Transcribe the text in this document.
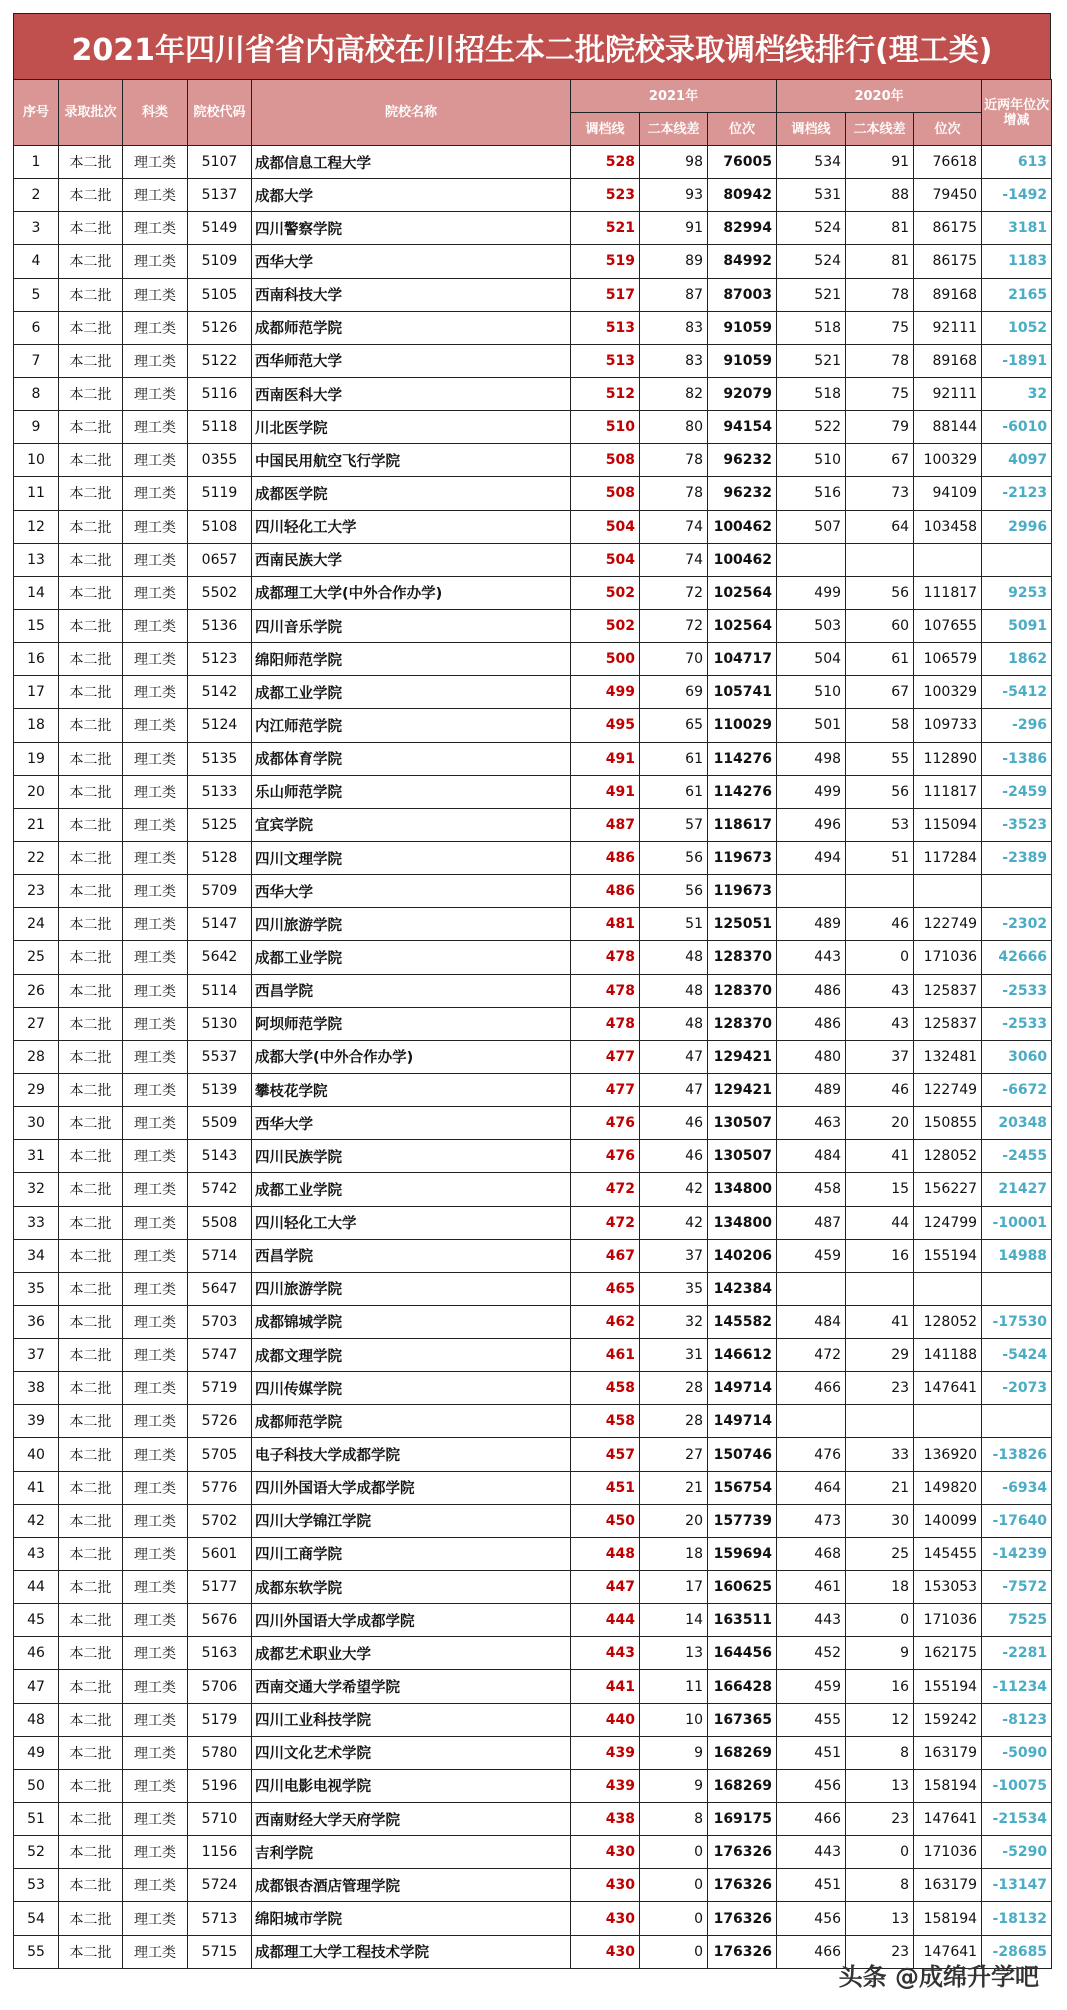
2021年四川省省内高校在川招生本二批院校录取调档线排行(理工类)
序号	录取批次	科类	院校代码	院校名称	2021年			2020年			近两年位次增减
					调档线	二本线差	位次	调档线	二本线差	位次	
1	本二批	理工类	5107	成都信息工程大学	528	98	76005	534	91	76618	613
2	本二批	理工类	5137	成都大学	523	93	80942	531	88	79450	-1492
3	本二批	理工类	5149	四川警察学院	521	91	82994	524	81	86175	3181
4	本二批	理工类	5109	西华大学	519	89	84992	524	81	86175	1183
5	本二批	理工类	5105	西南科技大学	517	87	87003	521	78	89168	2165
6	本二批	理工类	5126	成都师范学院	513	83	91059	518	75	92111	1052
7	本二批	理工类	5122	西华师范大学	513	83	91059	521	78	89168	-1891
8	本二批	理工类	5116	西南医科大学	512	82	92079	518	75	92111	32
9	本二批	理工类	5118	川北医学院	510	80	94154	522	79	88144	-6010
10	本二批	理工类	0355	中国民用航空飞行学院	508	78	96232	510	67	100329	4097
11	本二批	理工类	5119	成都医学院	508	78	96232	516	73	94109	-2123
12	本二批	理工类	5108	四川轻化工大学	504	74	100462	507	64	103458	2996
13	本二批	理工类	0657	西南民族大学	504	74	100462				
14	本二批	理工类	5502	成都理工大学(中外合作办学)	502	72	102564	499	56	111817	9253
15	本二批	理工类	5136	四川音乐学院	502	72	102564	503	60	107655	5091
16	本二批	理工类	5123	绵阳师范学院	500	70	104717	504	61	106579	1862
17	本二批	理工类	5142	成都工业学院	499	69	105741	510	67	100329	-5412
18	本二批	理工类	5124	内江师范学院	495	65	110029	501	58	109733	-296
19	本二批	理工类	5135	成都体育学院	491	61	114276	498	55	112890	-1386
20	本二批	理工类	5133	乐山师范学院	491	61	114276	499	56	111817	-2459
21	本二批	理工类	5125	宜宾学院	487	57	118617	496	53	115094	-3523
22	本二批	理工类	5128	四川文理学院	486	56	119673	494	51	117284	-2389
23	本二批	理工类	5709	西华大学	486	56	119673				
24	本二批	理工类	5147	四川旅游学院	481	51	125051	489	46	122749	-2302
25	本二批	理工类	5642	成都工业学院	478	48	128370	443	0	171036	42666
26	本二批	理工类	5114	西昌学院	478	48	128370	486	43	125837	-2533
27	本二批	理工类	5130	阿坝师范学院	478	48	128370	486	43	125837	-2533
28	本二批	理工类	5537	成都大学(中外合作办学)	477	47	129421	480	37	132481	3060
29	本二批	理工类	5139	攀枝花学院	477	47	129421	489	46	122749	-6672
30	本二批	理工类	5509	西华大学	476	46	130507	463	20	150855	20348
31	本二批	理工类	5143	四川民族学院	476	46	130507	484	41	128052	-2455
32	本二批	理工类	5742	成都工业学院	472	42	134800	458	15	156227	21427
33	本二批	理工类	5508	四川轻化工大学	472	42	134800	487	44	124799	-10001
34	本二批	理工类	5714	西昌学院	467	37	140206	459	16	155194	14988
35	本二批	理工类	5647	四川旅游学院	465	35	142384				
36	本二批	理工类	5703	成都锦城学院	462	32	145582	484	41	128052	-17530
37	本二批	理工类	5747	成都文理学院	461	31	146612	472	29	141188	-5424
38	本二批	理工类	5719	四川传媒学院	458	28	149714	466	23	147641	-2073
39	本二批	理工类	5726	成都师范学院	458	28	149714				
40	本二批	理工类	5705	电子科技大学成都学院	457	27	150746	476	33	136920	-13826
41	本二批	理工类	5776	四川外国语大学成都学院	451	21	156754	464	21	149820	-6934
42	本二批	理工类	5702	四川大学锦江学院	450	20	157739	473	30	140099	-17640
43	本二批	理工类	5601	四川工商学院	448	18	159694	468	25	145455	-14239
44	本二批	理工类	5177	成都东软学院	447	17	160625	461	18	153053	-7572
45	本二批	理工类	5676	四川外国语大学成都学院	444	14	163511	443	0	171036	7525
46	本二批	理工类	5163	成都艺术职业大学	443	13	164456	452	9	162175	-2281
47	本二批	理工类	5706	西南交通大学希望学院	441	11	166428	459	16	155194	-11234
48	本二批	理工类	5179	四川工业科技学院	440	10	167365	455	12	159242	-8123
49	本二批	理工类	5780	四川文化艺术学院	439	9	168269	451	8	163179	-5090
50	本二批	理工类	5196	四川电影电视学院	439	9	168269	456	13	158194	-10075
51	本二批	理工类	5710	西南财经大学天府学院	438	8	169175	466	23	147641	-21534
52	本二批	理工类	1156	吉利学院	430	0	176326	443	0	171036	-5290
53	本二批	理工类	5724	成都银杏酒店管理学院	430	0	176326	451	8	163179	-13147
54	本二批	理工类	5713	绵阳城市学院	430	0	176326	456	13	158194	-18132
55	本二批	理工类	5715	成都理工大学工程技术学院	430	0	176326	466	23	147641	-28685
头条 @成绵升学吧
